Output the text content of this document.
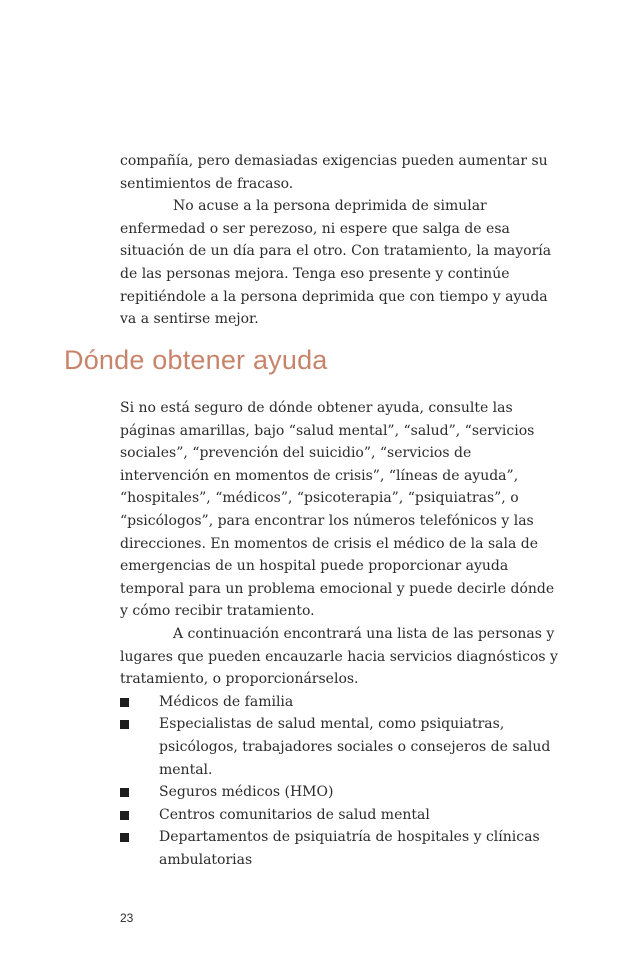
compañía, pero demasiadas exigencias pueden aumentar su sentimientos de fracaso.

No acuse a la persona deprimida de simular enfermedad o ser perezoso, ni espere que salga de esa situación de un día para el otro. Con tratamiento, la mayoría de las personas mejora. Tenga eso presente y continúe repitiéndole a la persona deprimida que con tiempo y ayuda va a sentirse mejor.

Dónde obtener ayuda

Si no está seguro de dónde obtener ayuda, consulte las páginas amarillas, bajo “salud mental”, “salud”, “servicios sociales”, “prevención del suicidio”, “servicios de intervención en momentos de crisis”, “líneas de ayuda”, “hospitales”, “médicos”, “psicoterapia”, “psiquiatras”, o “psicólogos”, para encontrar los números telefónicos y las direcciones. En momentos de crisis el médico de la sala de emergencias de un hospital puede proporcionar ayuda temporal para un problema emocional y puede decirle dónde y cómo recibir tratamiento.

A continuación encontrará una lista de las personas y lugares que pueden encauzarle hacia servicios diagnósticos y tratamiento, o proporcionárselos.

Médicos de familia
Especialistas de salud mental, como psiquiatras, psicólogos, trabajadores sociales o consejeros de salud mental.
Seguros médicos (HMO)
Centros comunitarios de salud mental
Departamentos de psiquiatría de hospitales y clínicas ambulatorias

23
